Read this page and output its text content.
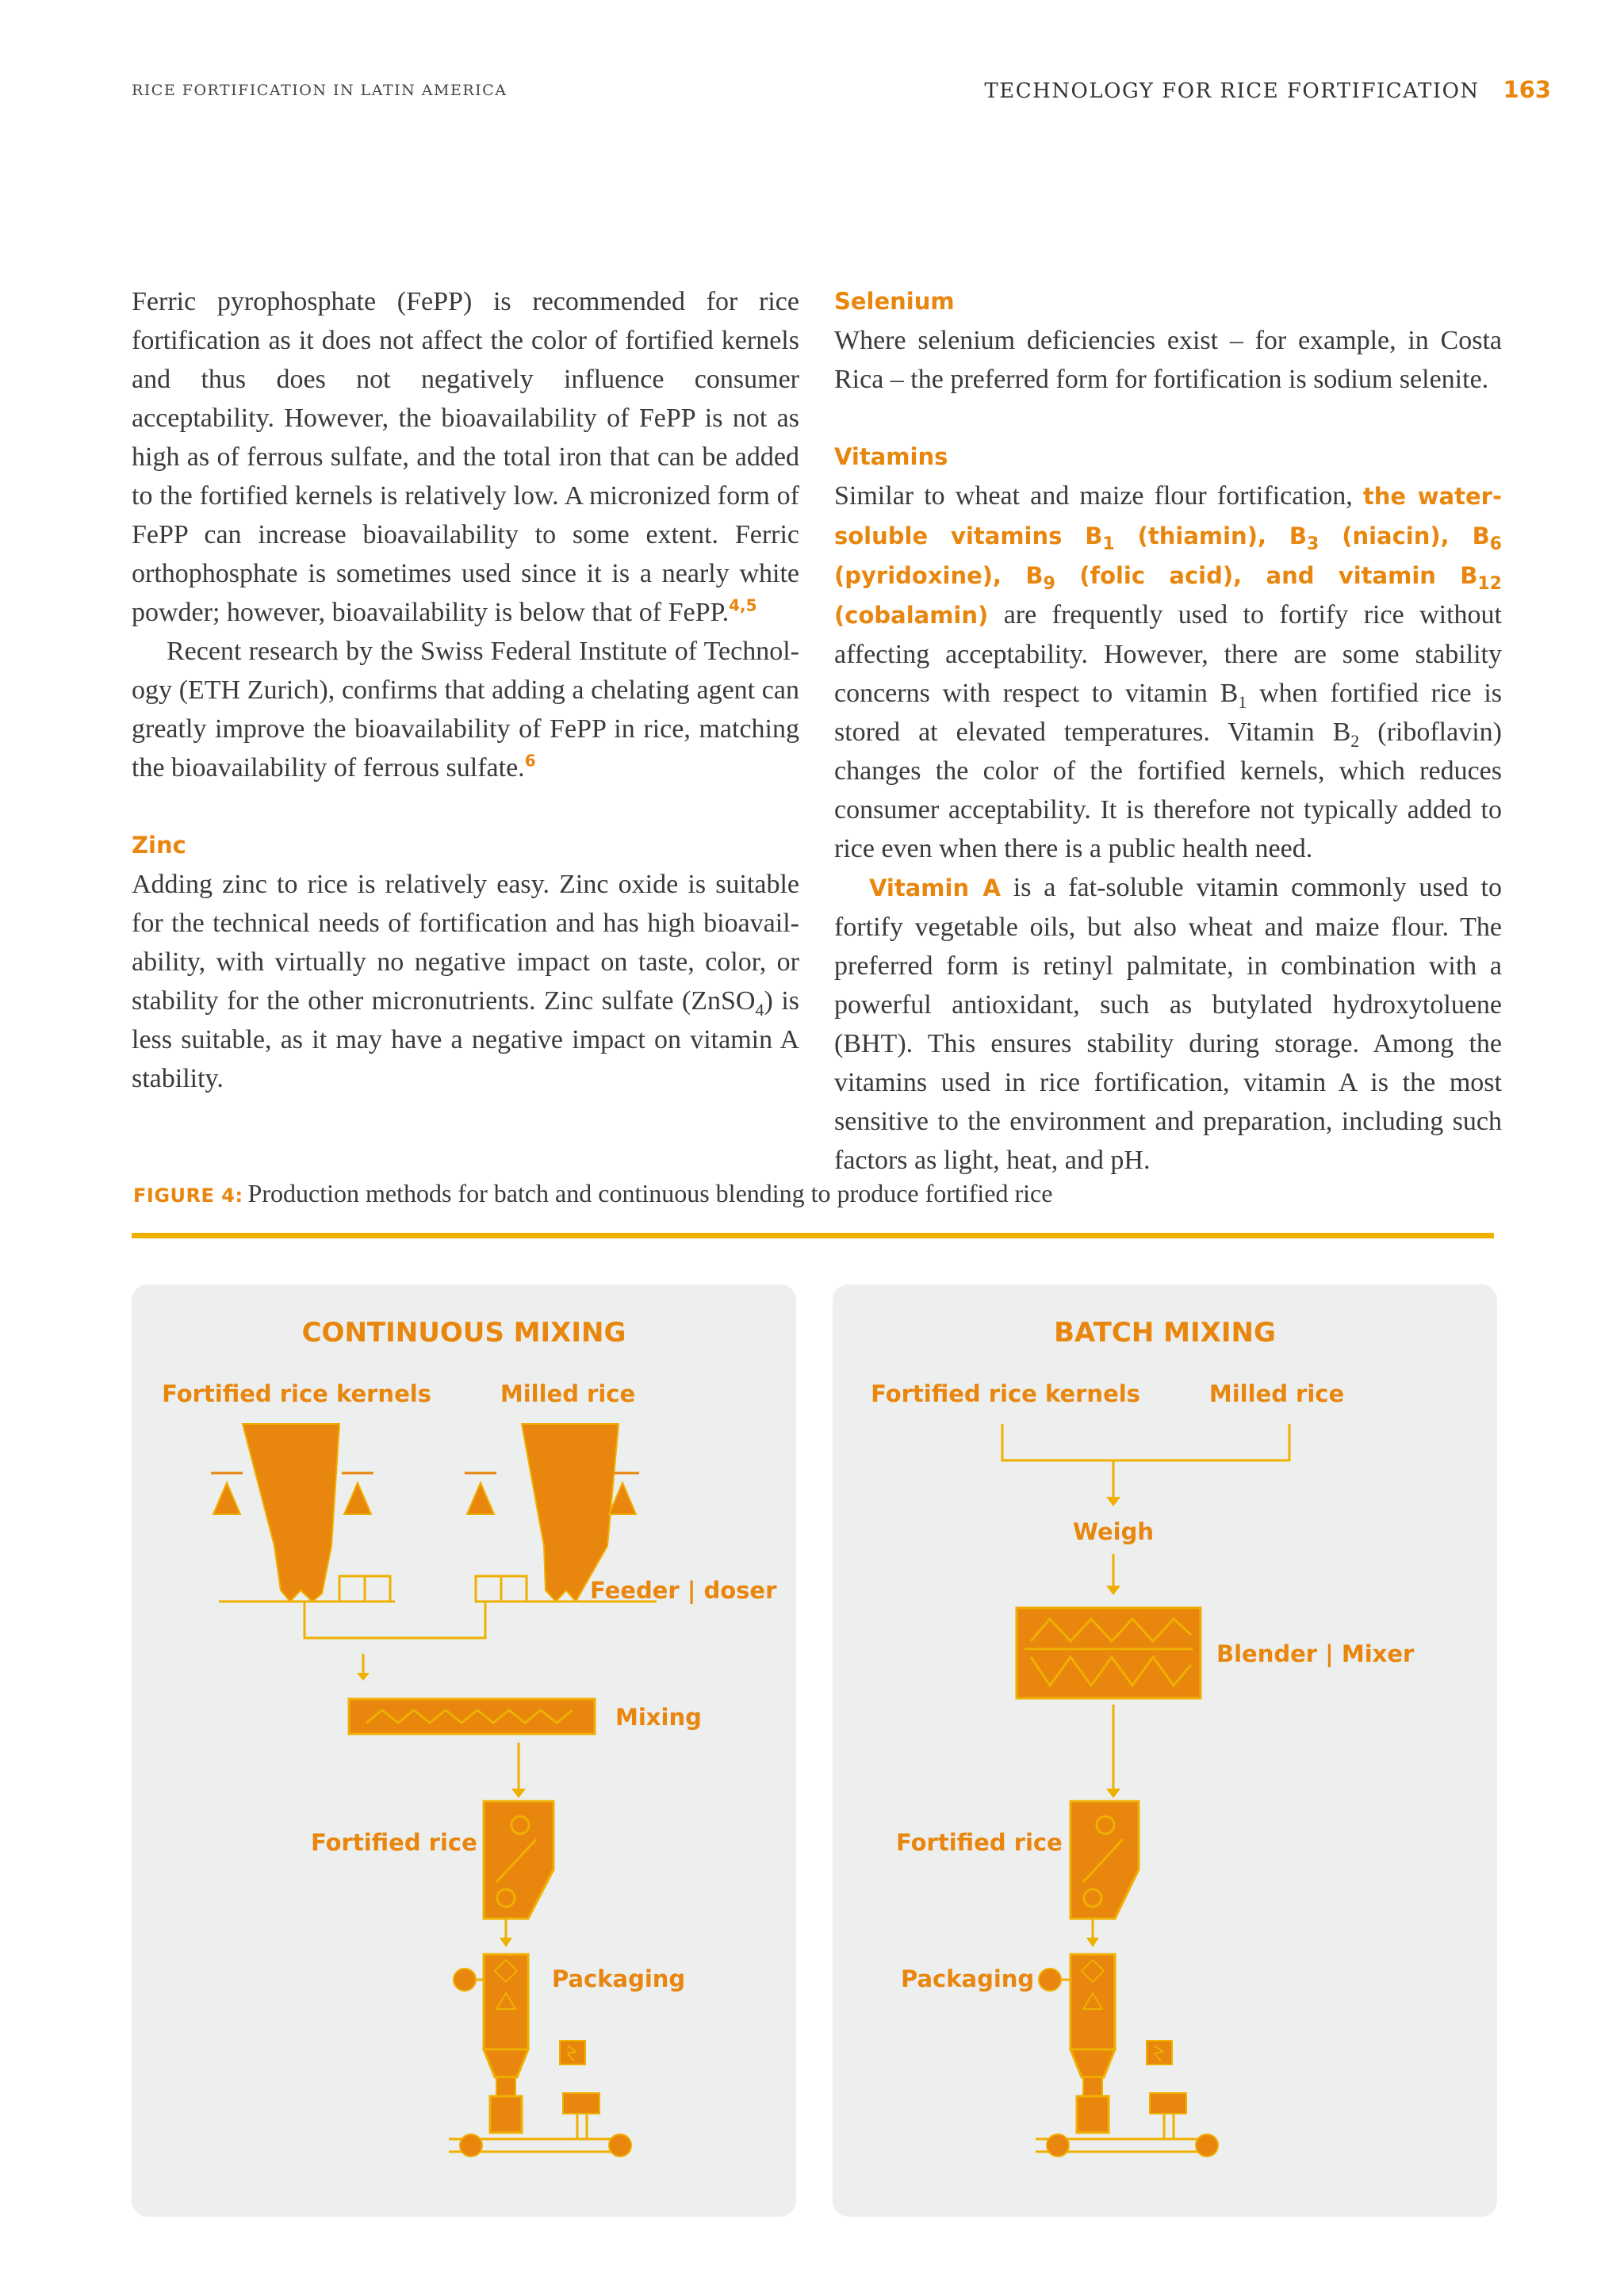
RICE FORTIFICATION IN LATIN AMERICA	TECHNOLOGY FOR RICE FORTIFICATION 163

Ferric pyrophosphate (FePP) is recommended for rice fortification as it does not affect the color of fortified kernels and thus does not negatively influence consumer acceptability. However, the bioavailability of FePP is not as high as of ferrous sulfate, and the total iron that can be added to the fortified kernels is relatively low. A micronized form of FePP can increase bioavailability to some extent. Ferric orthophosphate is sometimes used since it is a nearly white powder; however, bioavailability is below that of FePP.$^{4,5}$

Recent research by the Swiss Federal Institute of Technology (ETH Zurich), confirms that adding a chelating agent can greatly improve the bioavailability of FePP in rice, matching the bioavailability of ferrous sulfate.$^6$

Zinc

Adding zinc to rice is relatively easy. Zinc oxide is suitable for the technical needs of fortification and has high bioavailability, with virtually no negative impact on taste, color, or stability for the other micronutrients. Zinc sulfate (ZnSO$_4$) is less suitable, as it may have a negative impact on vitamin A stability.

Selenium

Where selenium deficiencies exist – for example, in Costa Rica – the preferred form for fortification is sodium selenite.

Vitamins

Similar to wheat and maize flour fortification, the water-soluble vitamins $B_1$ (thiamin), $B_3$ (niacin), $B_6$ (pyridoxine), $B_9$ (folic acid), and vitamin $B_{12}$ (cobalamin) are frequently used to fortify rice without affecting acceptability. However, there are some stability concerns with respect to vitamin $B_1$ when fortified rice is stored at elevated temperatures. Vitamin $B_2$ (riboflavin) changes the color of the fortified kernels, which reduces consumer acceptability. It is therefore not typically added to rice even when there is a public health need.

Vitamin A is a fat-soluble vitamin commonly used to fortify vegetable oils, but also wheat and maize flour. The preferred form is retinyl palmitate, in combination with a powerful antioxidant, such as butylated hydroxytoluene (BHT). This ensures stability during storage. Among the vitamins used in rice fortification, vitamin A is the most sensitive to the environment and preparation, including such factors as light, heat, and pH.

FIGURE 4: Production methods for batch and continuous blending to produce fortified rice
CONTINUOUS MIXING
Fortified rice kernels	Milled rice
Feeder | doser
Mixing
Fortified rice
Packaging
BATCH MIXING
Fortified rice kernels	Milled rice
Weigh
Blender | Mixer
Fortified rice
Packaging
